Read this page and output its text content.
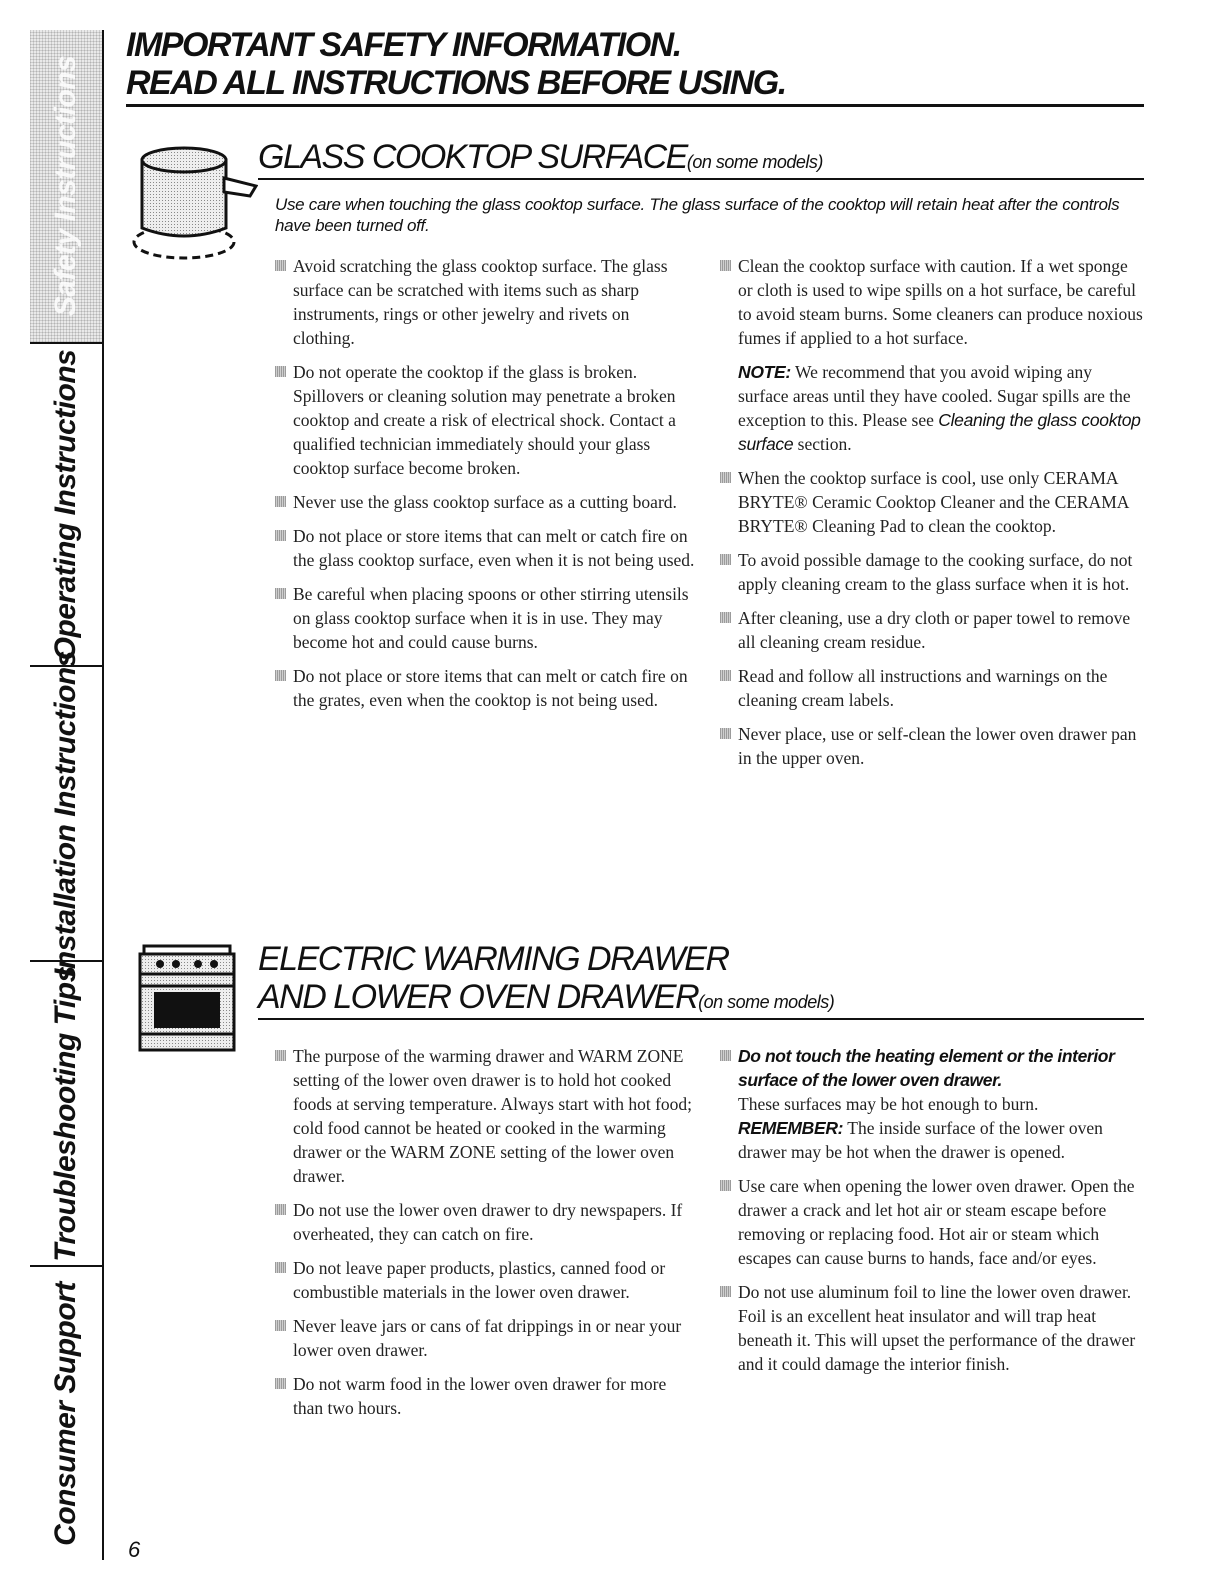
Safety Instructions
Operating Instructions
Installation Instructions
Troubleshooting Tips
Consumer Support
IMPORTANT SAFETY INFORMATION.
READ ALL INSTRUCTIONS BEFORE USING.
GLASS COOKTOP SURFACE(on some models)
Use care when touching the glass cooktop surface. The glass surface of the cooktop will retain heat after the controls have been turned off.

Avoid scratching the glass cooktop surface. The glass surface can be scratched with items such as sharp instruments, rings or other jewelry and rivets on clothing.

Do not operate the cooktop if the glass is broken. Spillovers or cleaning solution may penetrate a broken cooktop and create a risk of electrical shock. Contact a qualified technician immediately should your glass cooktop surface become broken.

Never use the glass cooktop surface as a cutting board.

Do not place or store items that can melt or catch fire on the glass cooktop surface, even when it is not being used.

Be careful when placing spoons or other stirring utensils on glass cooktop surface when it is in use. They may become hot and could cause burns.

Do not place or store items that can melt or catch fire on the grates, even when the cooktop is not being used.

Clean the cooktop surface with caution. If a wet sponge or cloth is used to wipe spills on a hot surface, be careful to avoid steam burns. Some cleaners can produce noxious fumes if applied to a hot surface.

NOTE: We recommend that you avoid wiping any surface areas until they have cooled. Sugar spills are the exception to this. Please see Cleaning the glass cooktop surface section.

When the cooktop surface is cool, use only CERAMA BRYTE® Ceramic Cooktop Cleaner and the CERAMA BRYTE® Cleaning Pad to clean the cooktop.

To avoid possible damage to the cooking surface, do not apply cleaning cream to the glass surface when it is hot.

After cleaning, use a dry cloth or paper towel to remove all cleaning cream residue.

Read and follow all instructions and warnings on the cleaning cream labels.

Never place, use or self-clean the lower oven drawer pan in the upper oven.

ELECTRIC WARMING DRAWER
AND LOWER OVEN DRAWER(on some models)

The purpose of the warming drawer and WARM ZONE setting of the lower oven drawer is to hold hot cooked foods at serving temperature. Always start with hot food; cold food cannot be heated or cooked in the warming drawer or the WARM ZONE setting of the lower oven drawer.

Do not use the lower oven drawer to dry newspapers. If overheated, they can catch on fire.

Do not leave paper products, plastics, canned food or combustible materials in the lower oven drawer.

Never leave jars or cans of fat drippings in or near your lower oven drawer.

Do not warm food in the lower oven drawer for more than two hours.

Do not touch the heating element or the interior surface of the lower oven drawer.

These surfaces may be hot enough to burn.

REMEMBER: The inside surface of the lower oven drawer may be hot when the drawer is opened.

Use care when opening the lower oven drawer. Open the drawer a crack and let hot air or steam escape before removing or replacing food. Hot air or steam which escapes can cause burns to hands, face and/or eyes.

Do not use aluminum foil to line the lower oven drawer. Foil is an excellent heat insulator and will trap heat beneath it. This will upset the performance of the drawer and it could damage the interior finish.

6
